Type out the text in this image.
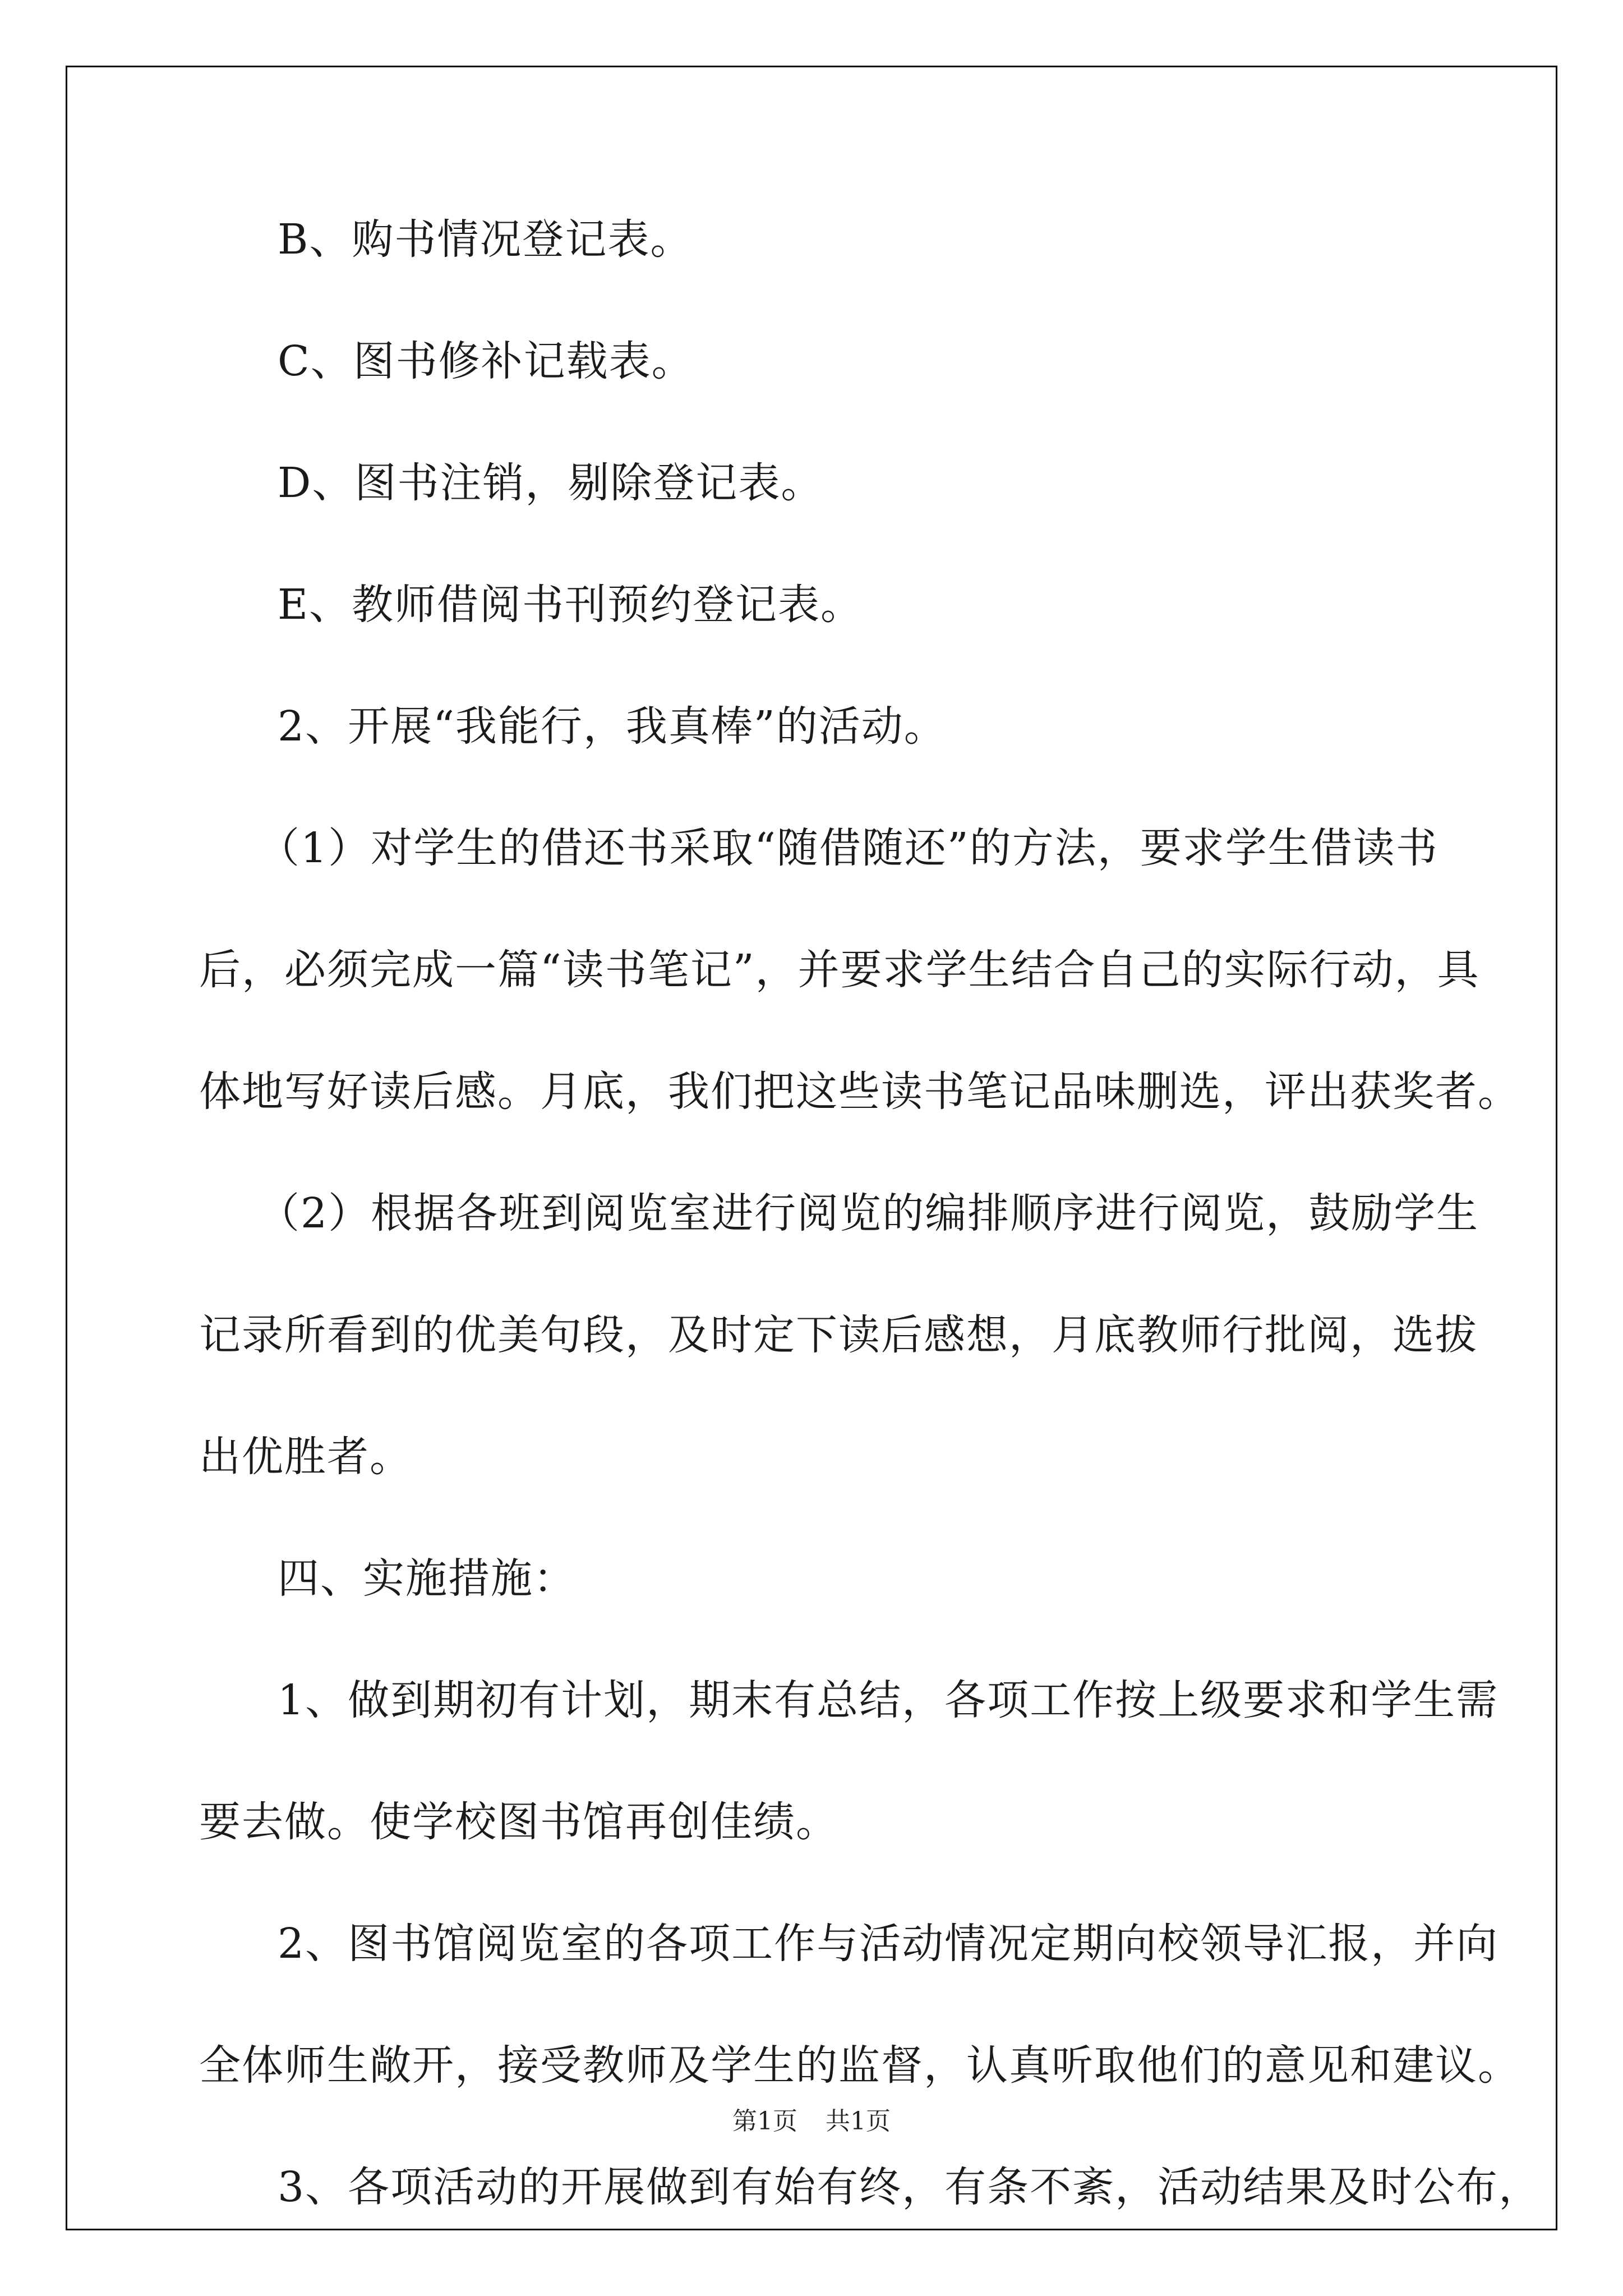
B、购书情况登记表。
C、图书修补记载表。
D、图书注销，剔除登记表。
E、教师借阅书刊预约登记表。
2、开展“我能行，我真棒”的活动。
（1）对学生的借还书采取“随借随还”的方法，要求学生借读书
后，必须完成一篇“读书笔记”，并要求学生结合自己的实际行动，具
体地写好读后感。月底，我们把这些读书笔记品味删选，评出获奖者。
（2）根据各班到阅览室进行阅览的编排顺序进行阅览，鼓励学生
记录所看到的优美句段，及时定下读后感想，月底教师行批阅，选拔
出优胜者。
四、实施措施：
1、做到期初有计划，期末有总结，各项工作按上级要求和学生需
要去做。使学校图书馆再创佳绩。
2、图书馆阅览室的各项工作与活动情况定期向校领导汇报，并向
全体师生敞开，接受教师及学生的监督，认真听取他们的意见和建议。
3、各项活动的开展做到有始有终，有条不紊，活动结果及时公布，
第1页 共1页
